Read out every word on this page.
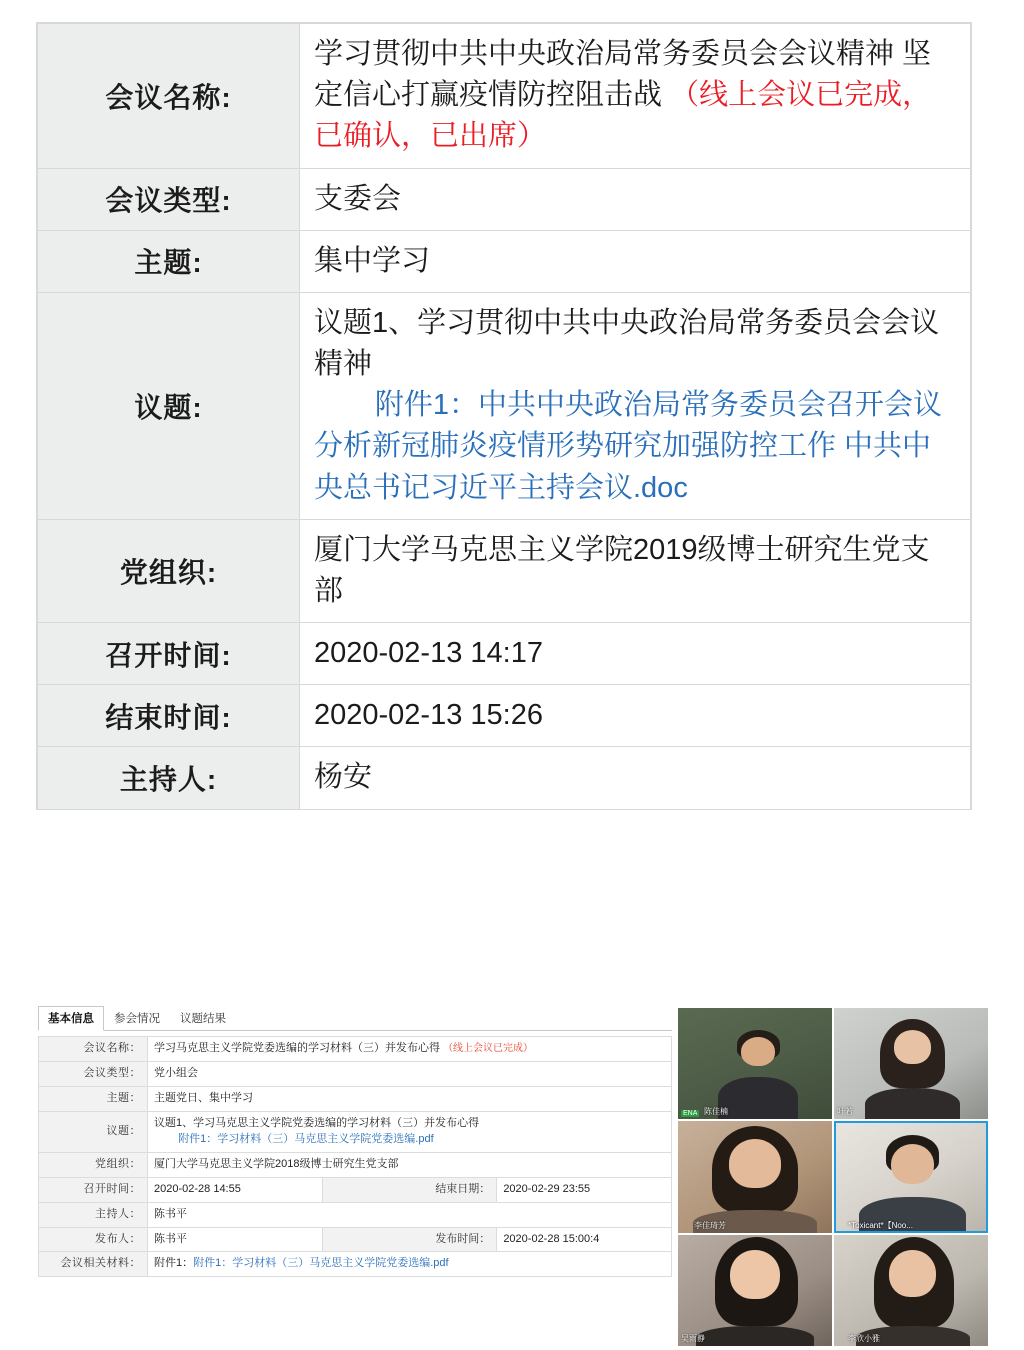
会议名称:	学习贯彻中共中央政治局常务委员会会议精神 坚定信心打赢疫情防控阻击战 （线上会议已完成，已确认，已出席）
会议类型:	支委会
主题:	集中学习
议题:	议题1、学习贯彻中共中央政治局常务委员会会议精神
附件1：中共中央政治局常务委员会召开会议 分析新冠肺炎疫情形势研究加强防控工作 中共中央总书记习近平主持会议.doc
党组织:	厦门大学马克思主义学院2019级博士研究生党支部
召开时间:	2020-02-13 14:17
结束时间:	2020-02-13 15:26
主持人:	杨安
基本信息	参会情况	议题结果
会议名称：	学习马克思主义学院党委选编的学习材料（三）并发布心得 （线上会议已完成）		
会议类型：	党小组会		
主题：	主题党日、集中学习		
议题：	议题1、学习马克思主义学院党委选编的学习材料（三）并发布心得
附件1：学习材料（三）马克思主义学院党委选编.pdf		
党组织：	厦门大学马克思主义学院2018级博士研究生党支部		
召开时间：	2020-02-28 14:55	结束日期：	2020-02-29 23:55
主持人：	陈书平		
发布人：	陈书平	发布时间：	2020-02-28 15:00:4
会议相关材料：	附件1：附件1：学习材料（三）马克思主义学院党委选编.pdf		
ENA 陈佳楠	叶若
李佳琦芳	*Toxicant*【Noo...
吴雨静	李欣小雅
